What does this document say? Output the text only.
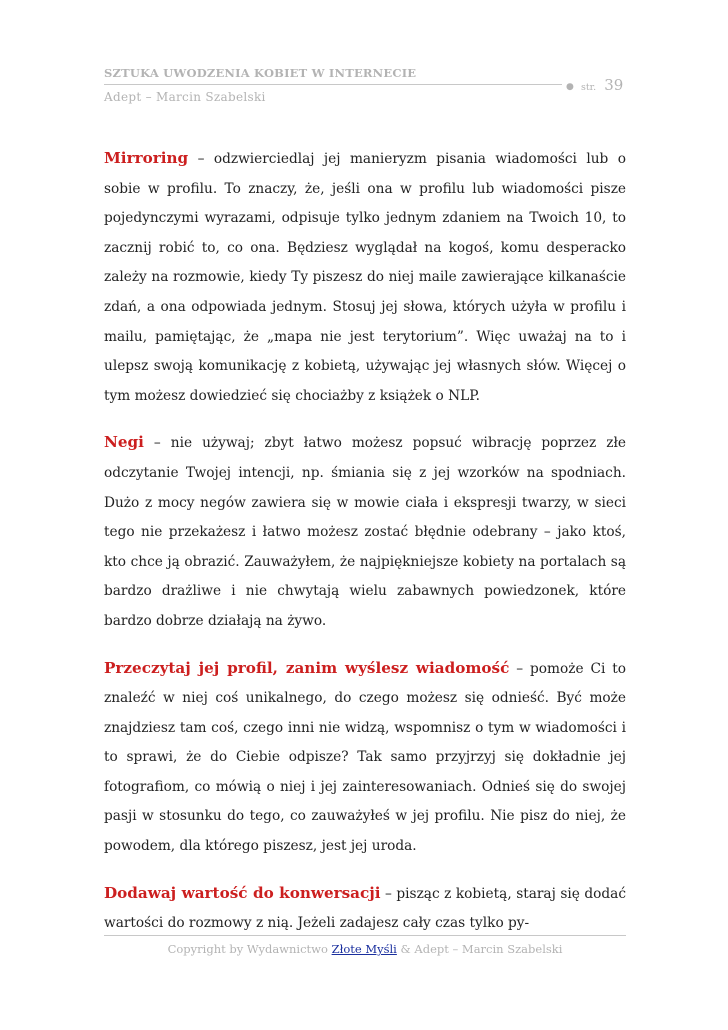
SZTUKA UWODZENIA KOBIET W INTERNECIE
● str. 39
Adept – Marcin Szabelski

Mirroring – odzwierciedlaj jej manieryzm pisania wiadomości lub o sobie w profilu. To znaczy, że, jeśli ona w profilu lub wiadomości pisze pojedynczymi wyrazami, odpisuje tylko jednym zdaniem na Twoich 10, to zacznij robić to, co ona. Będziesz wyglądał na kogoś, komu desperacko zależy na rozmowie, kiedy Ty piszesz do niej maile zawierające kilkanaście zdań, a ona odpowiada jednym. Stosuj jej słowa, których użyła w profilu i mailu, pamiętając, że „mapa nie jest terytorium”. Więc uważaj na to i ulepsz swoją komunikację z kobietą, używając jej własnych słów. Więcej o tym możesz dowiedzieć się chociażby z książek o NLP.

Negi – nie używaj; zbyt łatwo możesz popsuć wibrację poprzez złe odczytanie Twojej intencji, np. śmiania się z jej wzorków na spodniach. Dużo z mocy negów zawiera się w mowie ciała i ekspresji twarzy, w sieci tego nie przekażesz i łatwo możesz zostać błędnie odebrany – jako ktoś, kto chce ją obrazić. Zauważyłem, że najpiękniejsze kobiety na portalach są bardzo drażliwe i nie chwytają wielu zabawnych powiedzonek, które bardzo dobrze działają na żywo.

Przeczytaj jej profil, zanim wyślesz wiadomość – pomoże Ci to znaleźć w niej coś unikalnego, do czego możesz się odnieść. Być może znajdziesz tam coś, czego inni nie widzą, wspomnisz o tym w wiadomości i to sprawi, że do Ciebie odpisze? Tak samo przyjrzyj się dokładnie jej fotografiom, co mówią o niej i jej zainteresowaniach. Odnieś się do swojej pasji w stosunku do tego, co zauważyłeś w jej profilu. Nie pisz do niej, że powodem, dla którego piszesz, jest jej uroda.

Dodawaj wartość do konwersacji – pisząc z kobietą, staraj się dodać wartości do rozmowy z nią. Jeżeli zadajesz cały czas tylko py-

Copyright by Wydawnictwo Złote Myśli & Adept – Marcin Szabelski
